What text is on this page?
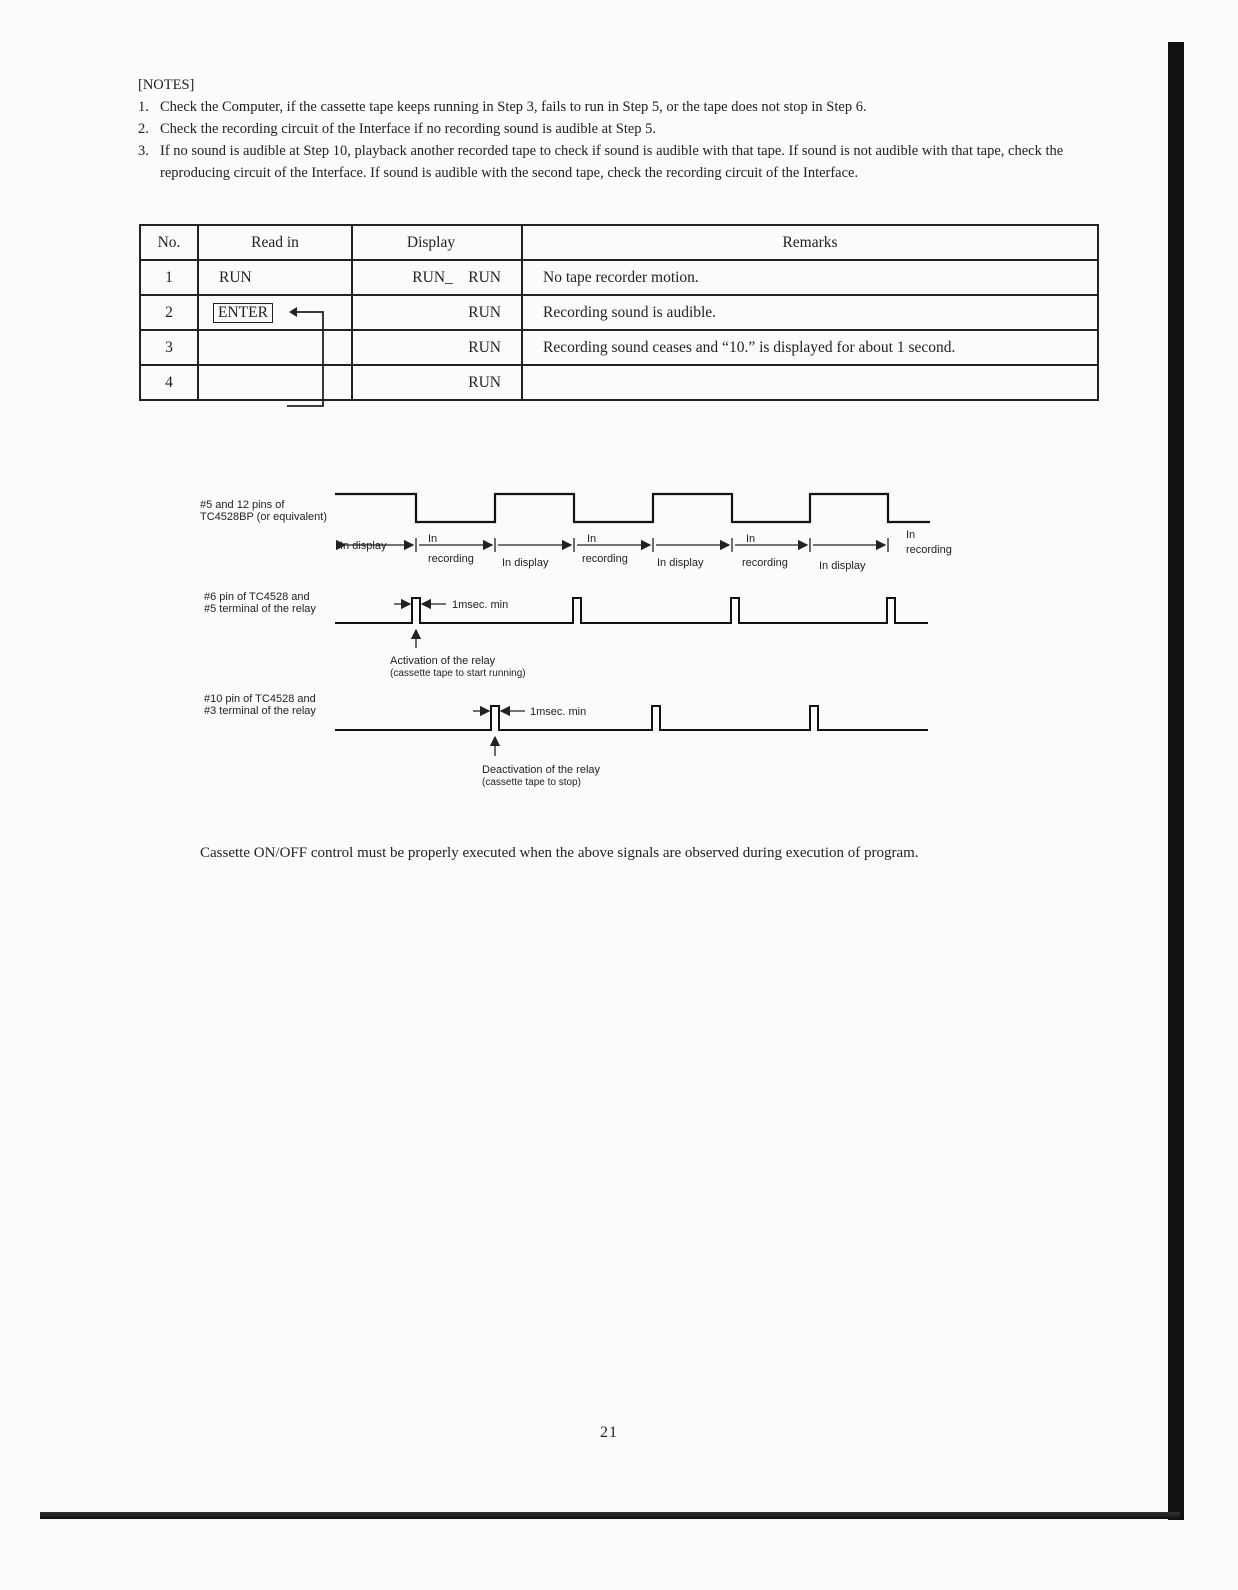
[NOTES]

1. Check the Computer, if the cassette tape keeps running in Step 3, fails to run in Step 5, or the tape does not stop in Step 6.
2. Check the recording circuit of the Interface if no recording sound is audible at Step 5.
3. If no sound is audible at Step 10, playback another recorded tape to check if sound is audible with that tape. If sound is not audible with that tape, check the reproducing circuit of the Interface. If sound is audible with the second tape, check the recording circuit of the Interface.
No.	Read in	Display	Remarks
1	RUN	RUN_ RUN	No tape recorder motion.
2	ENTER	RUN	Recording sound is audible.
3		RUN	Recording sound ceases and “10.” is displayed for about 1 second.
4		RUN	
#5 and 12 pins of
TC4528BP (or equivalent)
In display
In
recording	In display
In
recording	In display
In
recording	In display
In
recording
#6 pin of TC4528 and
#5 terminal of the relay	1msec. min
Activation of the relay
(cassette tape to start running)
#10 pin of TC4528 and
#3 terminal of the relay	1msec. min
Deactivation of the relay
(cassette tape to stop)
Cassette ON/OFF control must be properly executed when the above signals are observed during execution of program.
21
